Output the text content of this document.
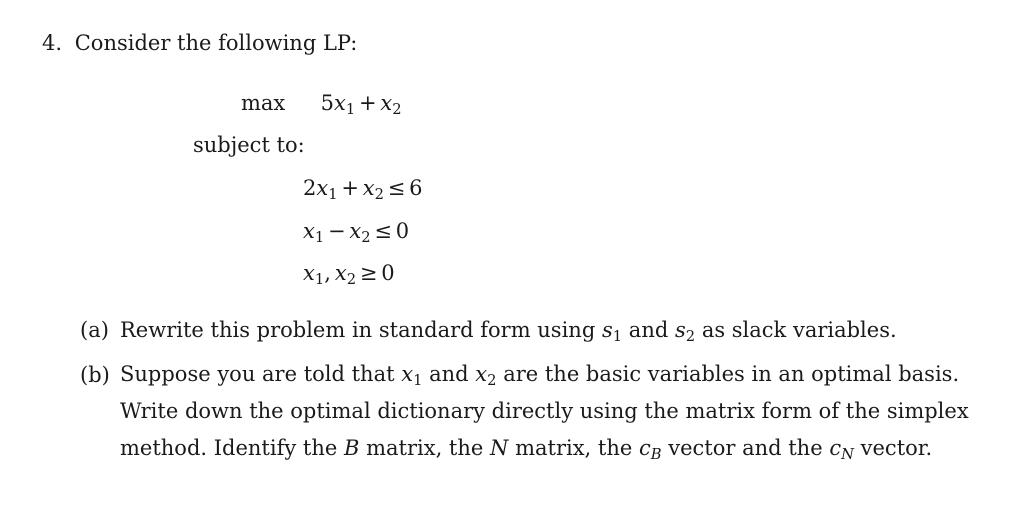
4. Consider the following LP:
$\max 5x_1 + x_2$
subject to:
$2x_1 + x_2 \le 6$
$x_1 - x_2 \le 0$
$x_1$, $x_2 \ge 0$
(a) Rewrite this problem in standard form using $s_1$ and $s_2$ as slack variables.
(b) Suppose you are told that $x_1$ and $x_2$ are the basic variables in an optimal basis. Write down the optimal dictionary directly using the matrix form of the simplex method. Identify the B matrix, the N matrix, the $c_B$ vector and the $c_N$ vector.
